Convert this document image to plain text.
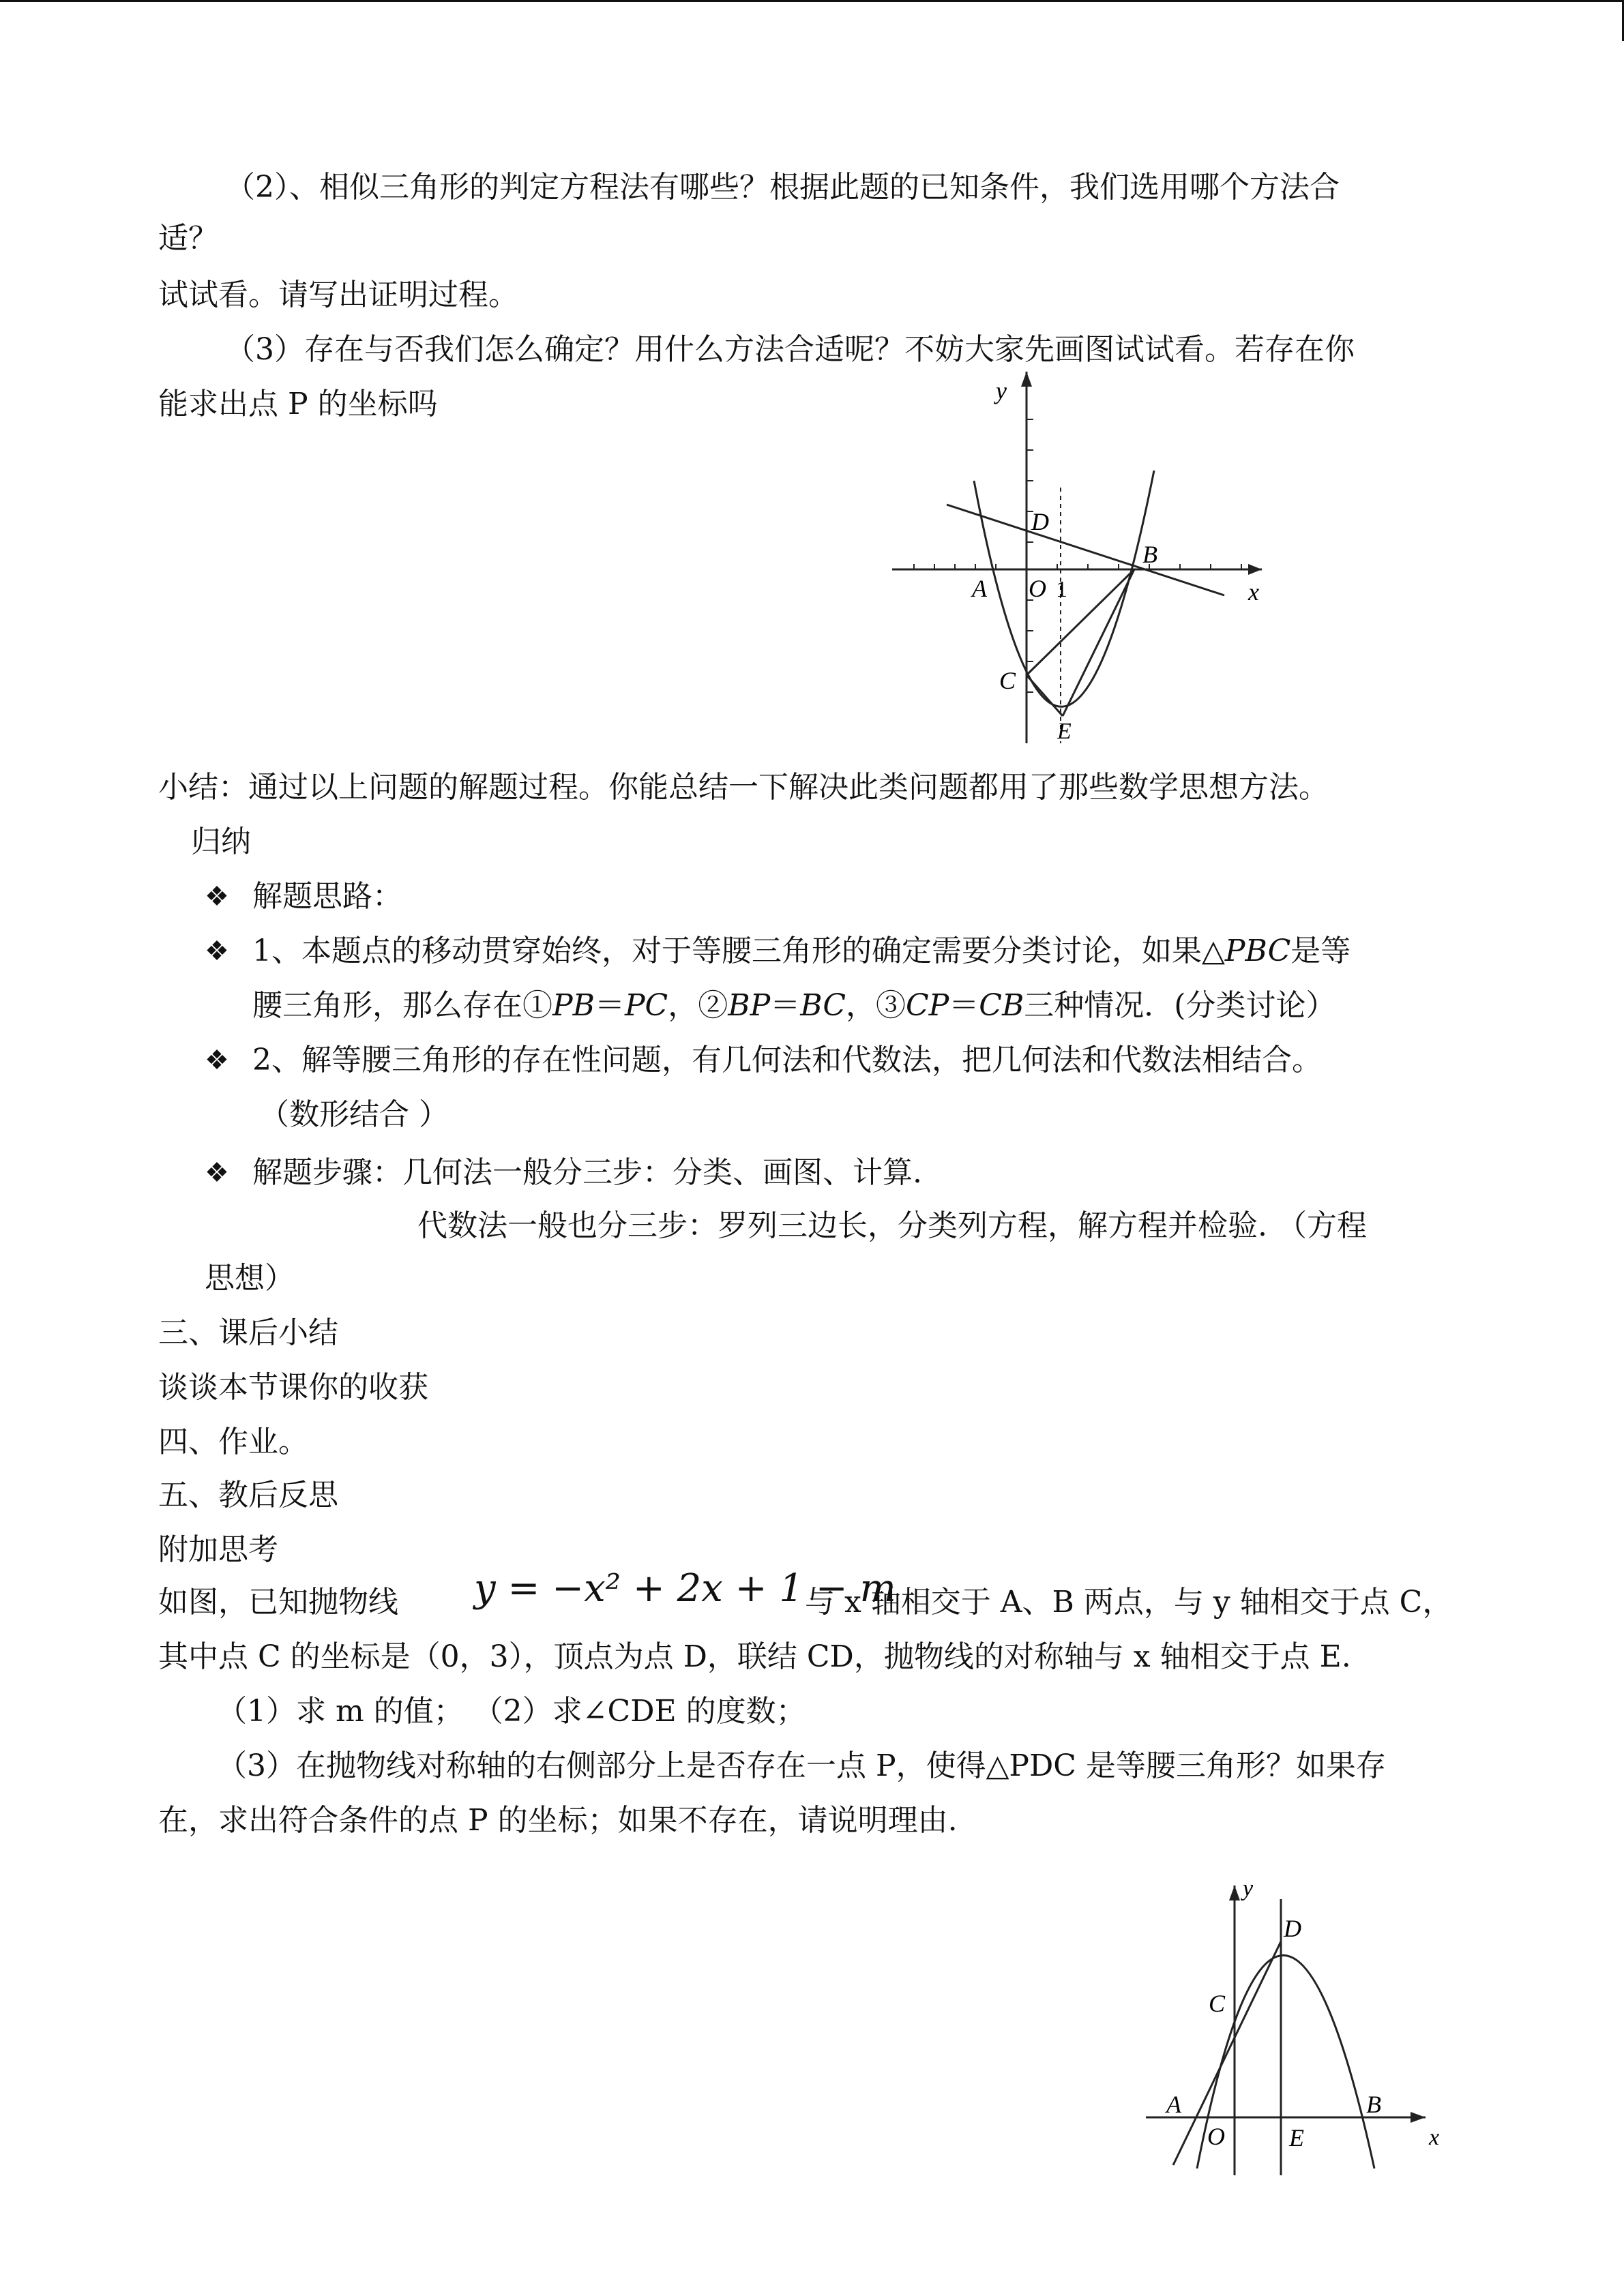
（2）、相似三角形的判定方程法有哪些？根据此题的已知条件，我们选用哪个方法合
适？
试试看。请写出证明过程。
（3）存在与否我们怎么确定？用什么方法合适呢？不妨大家先画图试试看。若存在你
能求出点 P 的坐标吗	y
x
D
B
A O 1
C
E
小结：通过以上问题的解题过程。你能总结一下解决此类问题都用了那些数学思想方法。
归纳
❖ 解题思路：
❖ 1、本题点的移动贯穿始终，对于等腰三角形的确定需要分类讨论，如果△PBC是等
腰三角形，那么存在①PB＝PC，②BP＝BC，③CP＝CB三种情况．(分类讨论）
❖ 2、解等腰三角形的存在性问题，有几何法和代数法，把几何法和代数法相结合。
（数形结合 ）
❖ 解题步骤：几何法一般分三步：分类、画图、计算.
代数法一般也分三步：罗列三边长，分类列方程，解方程并检验. （方程
思想）
三、课后小结
谈谈本节课你的收获
四、作业。
五、教后反思
附加思考
如图，已知抛物线 y = −x² + 2x + 1 − m
与 x 轴相交于 A、B 两点，与 y 轴相交于点 C，
其中点 C 的坐标是（0，3），顶点为点 D，联结 CD，抛物线的对称轴与 x 轴相交于点 E.
（1）求 m 的值； （2）求∠CDE 的度数；
（3）在抛物线对称轴的右侧部分上是否存在一点 P，使得△PDC 是等腰三角形？如果存
在，求出符合条件的点 P 的坐标；如果不存在，请说明理由.
y
x
D
C
A	B
O	E
